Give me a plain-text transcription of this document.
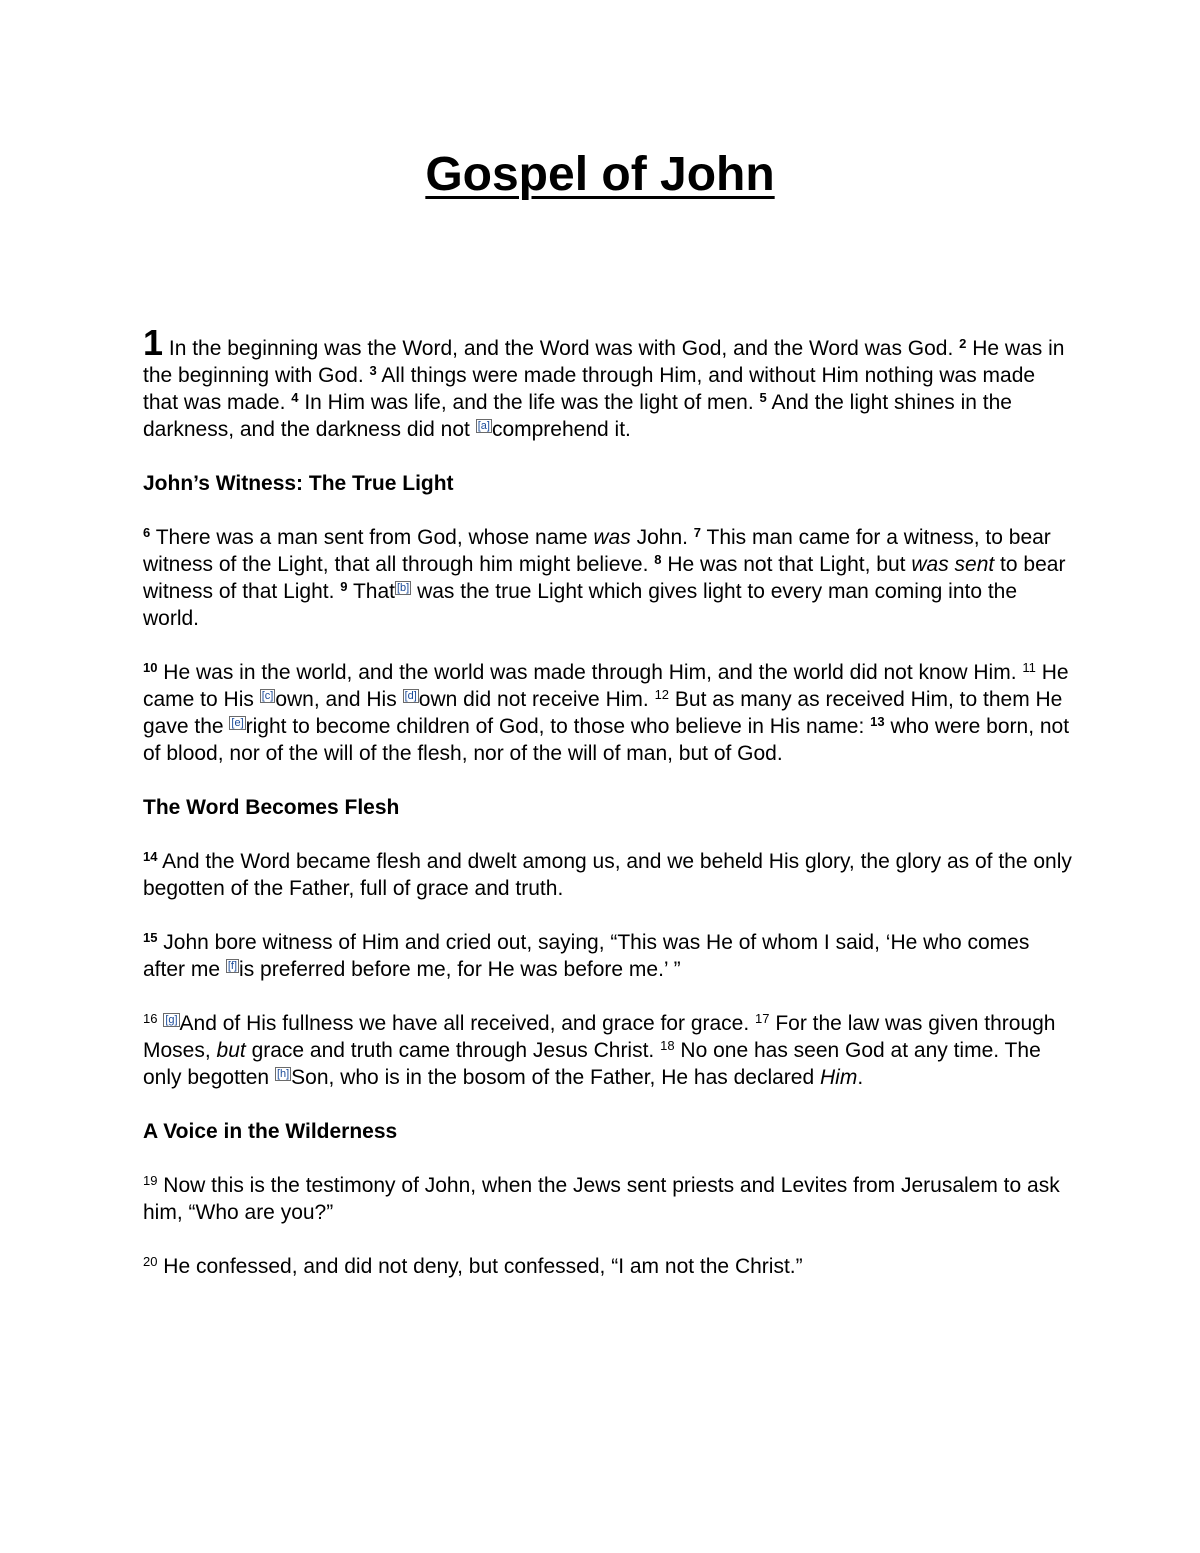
Gospel of John

1 In the beginning was the Word, and the Word was with God, and the Word was God. $^2$ He was in the beginning with God. $^3$ All things were made through Him, and without Him nothing was made that was made. $^4$ In Him was life, and the life was the light of men. $^5$ And the light shines in the darkness, and the darkness did not [a]comprehend it.

John’s Witness: The True Light

$^6$ There was a man sent from God, whose name was John. $^7$ This man came for a witness, to bear witness of the Light, that all through him might believe. $^8$ He was not that Light, but was sent to bear witness of that Light. $^9$ That [b] was the true Light which gives light to every man coming into the world.

$^{10}$ He was in the world, and the world was made through Him, and the world did not know Him. $^{11}$ He came to His [c]own, and His [d]own did not receive Him. $^{12}$ But as many as received Him, to them He gave the [e]right to become children of God, to those who believe in His name: $^{13}$ who were born, not of blood, nor of the will of the flesh, nor of the will of man, but of God.

The Word Becomes Flesh

$^{14}$ And the Word became flesh and dwelt among us, and we beheld His glory, the glory as of the only begotten of the Father, full of grace and truth.

$^{15}$ John bore witness of Him and cried out, saying, “This was He of whom I said, ‘He who comes after me [f]is preferred before me, for He was before me.’ ”

$^{16}$ [g]And of His fullness we have all received, and grace for grace. $^{17}$ For the law was given through Moses, but grace and truth came through Jesus Christ. $^{18}$ No one has seen God at any time. The only begotten [h]Son, who is in the bosom of the Father, He has declared Him.

A Voice in the Wilderness

$^{19}$ Now this is the testimony of John, when the Jews sent priests and Levites from Jerusalem to ask him, “Who are you?”

$^{20}$ He confessed, and did not deny, but confessed, “I am not the Christ.”
